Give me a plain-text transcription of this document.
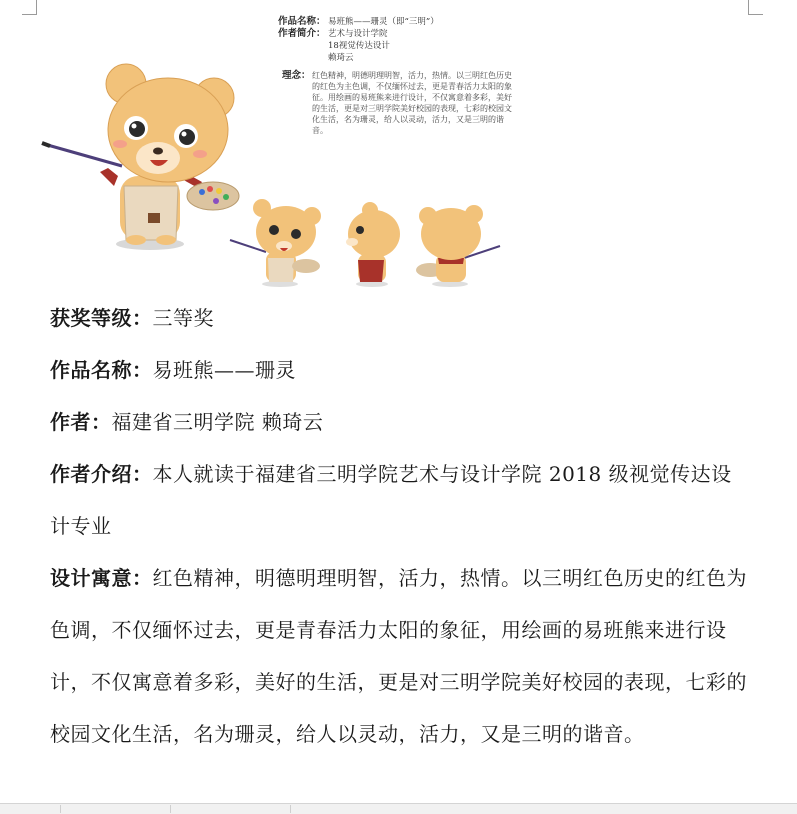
作品名称： 易班熊——珊灵（即“三明”）
作者简介： 艺术与设计学院
18视觉传达设计
赖琦云
理念： 红色精神，明德明理明智，活力，热情。以三明红色历史的红色为主色调，不仅缅怀过去，更是青春活力太阳的象征。用绘画的易班熊来进行设计，不仅寓意着多彩，美好的生活，更是对三明学院美好校园的表现，七彩的校园文化生活，名为珊灵，给人以灵动，活力，又是三明的谐音。

获奖等级：三等奖

作品名称：易班熊——珊灵

作者：福建省三明学院 赖琦云

作者介绍：本人就读于福建省三明学院艺术与设计学院 2018 级视觉传达设计专业

设计寓意：红色精神，明德明理明智，活力，热情。以三明红色历史的红色为色调，不仅缅怀过去，更是青春活力太阳的象征，用绘画的易班熊来进行设计，不仅寓意着多彩，美好的生活，更是对三明学院美好校园的表现，七彩的校园文化生活，名为珊灵，给人以灵动，活力，又是三明的谐音。
